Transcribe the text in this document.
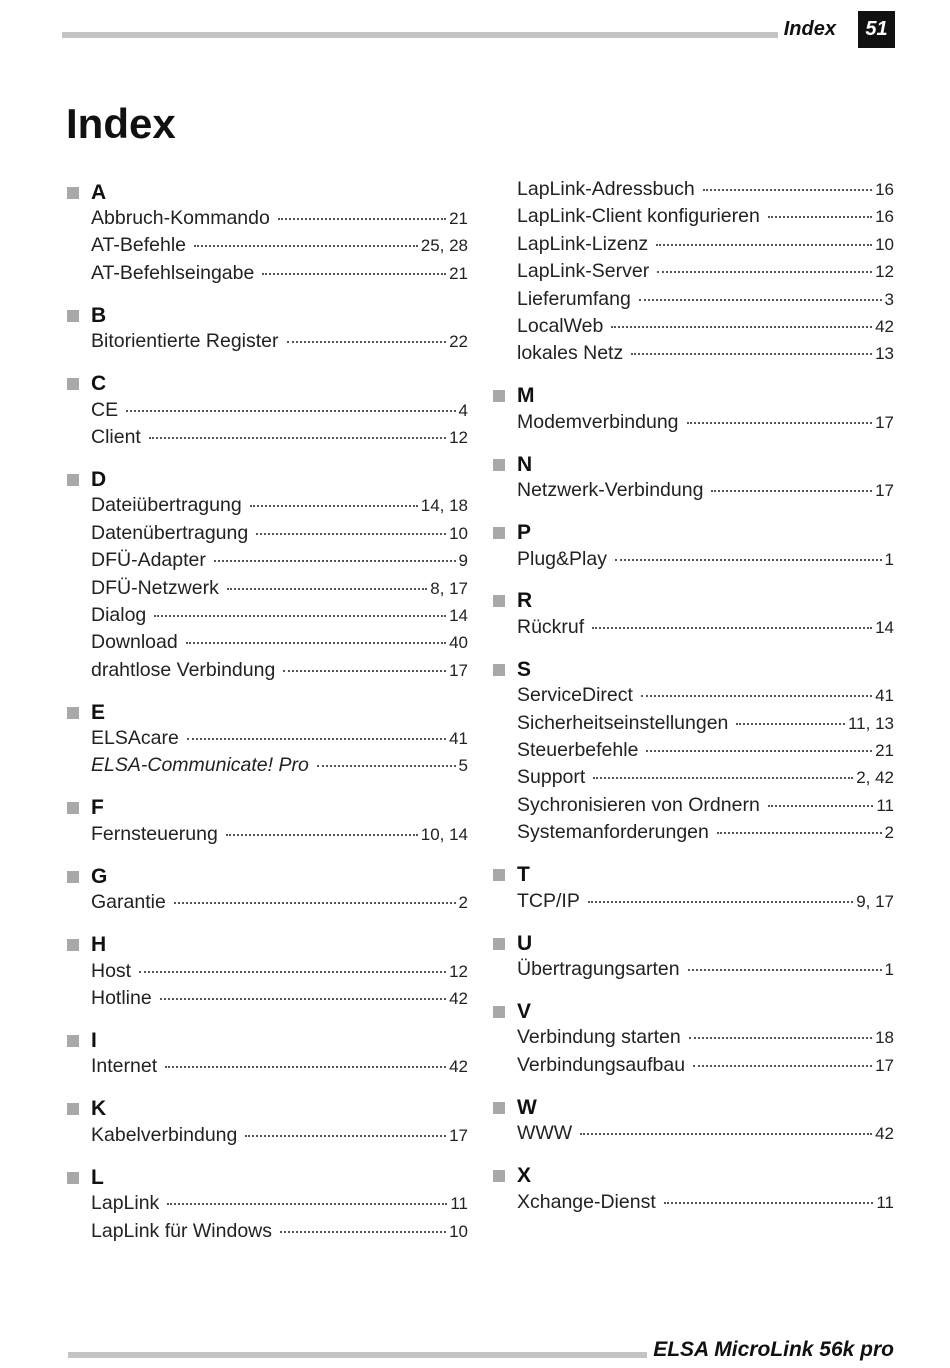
Index 51
Index
A
Abbruch-Kommando	21
AT-Befehle	25, 28
AT-Befehlseingabe	21
B
Bitorientierte Register	22
C
CE	4
Client	12
D
Dateiübertragung	14, 18
Datenübertragung	10
DFÜ-Adapter	9
DFÜ-Netzwerk	8, 17
Dialog	14
Download	40
drahtlose Verbindung	17
E
ELSAcare	41
ELSA-Communicate! Pro	5
F
Fernsteuerung	10, 14
G
Garantie	2
H
Host	12
Hotline	42
I
Internet	42
K
Kabelverbindung	17
L
LapLink	11
LapLink für Windows	10
LapLink-Adressbuch	16
LapLink-Client konfigurieren	16
LapLink-Lizenz	10
LapLink-Server	12
Lieferumfang	3
LocalWeb	42
lokales Netz	13
M
Modemverbindung	17
N
Netzwerk-Verbindung	17
P
Plug&Play	1
R
Rückruf	14
S
ServiceDirect	41
Sicherheitseinstellungen	11, 13
Steuerbefehle	21
Support	2, 42
Sychronisieren von Ordnern	11
Systemanforderungen	2
T
TCP/IP	9, 17
U
Übertragungsarten	1
V
Verbindung starten	18
Verbindungsaufbau	17
W
WWW	42
X
Xchange-Dienst	11
ELSA MicroLink 56k pro
